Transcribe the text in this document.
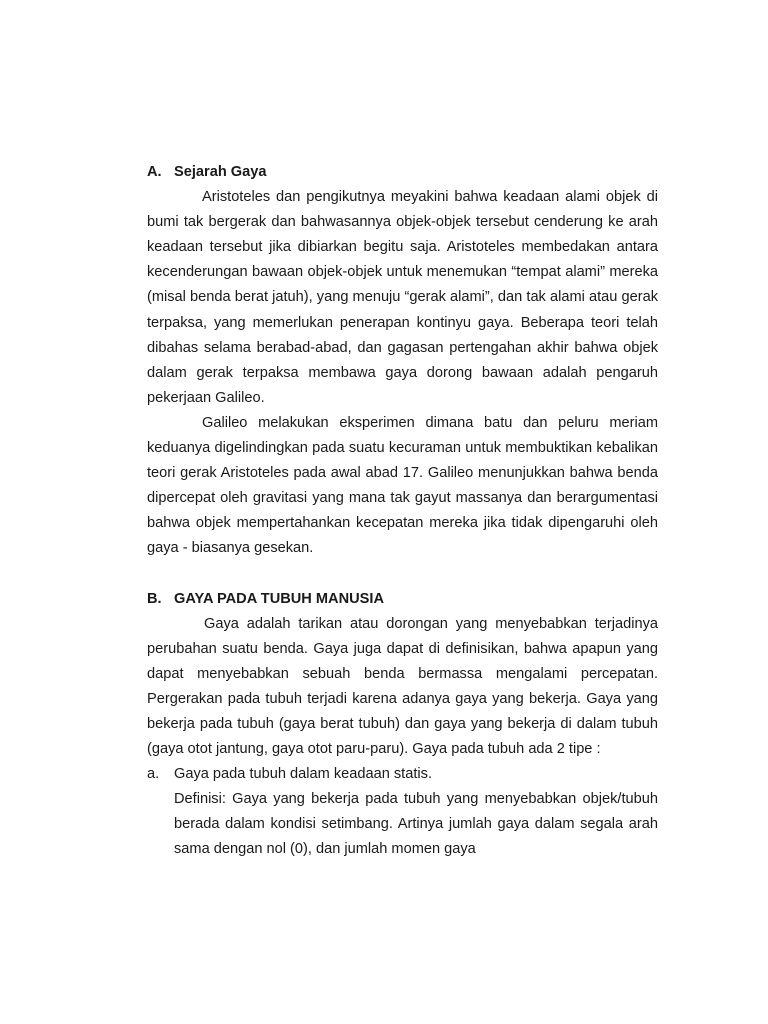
A. Sejarah Gaya

Aristoteles dan pengikutnya meyakini bahwa keadaan alami objek di bumi tak bergerak dan bahwasannya objek-objek tersebut cenderung ke arah keadaan tersebut jika dibiarkan begitu saja. Aristoteles membedakan antara kecenderungan bawaan objek-objek untuk menemukan “tempat alami” mereka (misal benda berat jatuh), yang menuju “gerak alami”, dan tak alami atau gerak terpaksa, yang memerlukan penerapan kontinyu gaya. Beberapa teori telah dibahas selama berabad-abad, dan gagasan pertengahan akhir bahwa objek dalam gerak terpaksa membawa gaya dorong bawaan adalah pengaruh pekerjaan Galileo.

Galileo melakukan eksperimen dimana batu dan peluru meriam keduanya digelindingkan pada suatu kecuraman untuk membuktikan kebalikan teori gerak Aristoteles pada awal abad 17. Galileo menunjukkan bahwa benda dipercepat oleh gravitasi yang mana tak gayut massanya dan berargumentasi bahwa objek mempertahankan kecepatan mereka jika tidak dipengaruhi oleh gaya - biasanya gesekan.

B. GAYA PADA TUBUH MANUSIA

Gaya adalah tarikan atau dorongan yang menyebabkan terjadinya perubahan suatu benda. Gaya juga dapat di definisikan, bahwa apapun yang dapat menyebabkan sebuah benda bermassa mengalami percepatan. Pergerakan pada tubuh terjadi karena adanya gaya yang bekerja. Gaya yang bekerja pada tubuh (gaya berat tubuh) dan gaya yang bekerja di dalam tubuh (gaya otot jantung, gaya otot paru-paru). Gaya pada tubuh ada 2 tipe :

a. Gaya pada tubuh dalam keadaan statis.

Definisi: Gaya yang bekerja pada tubuh yang menyebabkan objek/tubuh berada dalam kondisi setimbang. Artinya jumlah gaya dalam segala arah sama dengan nol (0), dan jumlah momen gaya
